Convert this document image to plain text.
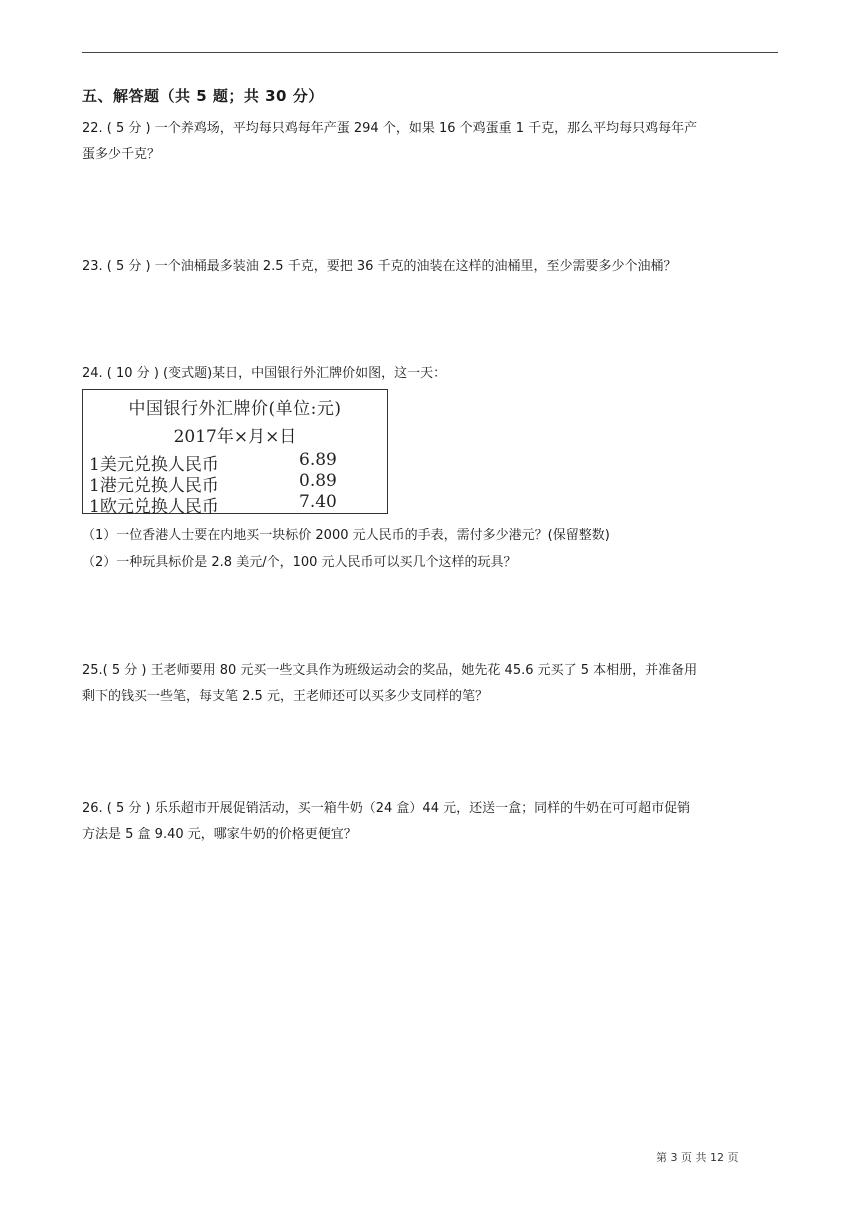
五、解答题（共 5 题；共 30 分）
22. ( 5 分 ) 一个养鸡场，平均每只鸡每年产蛋 294 个，如果 16 个鸡蛋重 1 千克，那么平均每只鸡每年产
蛋多少千克？
23. ( 5 分 ) 一个油桶最多装油 2.5 千克，要把 36 千克的油装在这样的油桶里，至少需要多少个油桶？
24. ( 10 分 ) (变式题)某日，中国银行外汇牌价如图，这一天：
中国银行外汇牌价(单位:元)
2017年×月×日
1美元兑换人民币	6.89
1港元兑换人民币	0.89
1欧元兑换人民币	7.40
（1）一位香港人士要在内地买一块标价 2000 元人民币的手表，需付多少港元？(保留整数)
（2）一种玩具标价是 2.8 美元/个，100 元人民币可以买几个这样的玩具？
25.( 5 分 ) 王老师要用 80 元买一些文具作为班级运动会的奖品，她先花 45.6 元买了 5 本相册，并准备用
剩下的钱买一些笔，每支笔 2.5 元，王老师还可以买多少支同样的笔？
26. ( 5 分 ) 乐乐超市开展促销活动，买一箱牛奶（24 盒）44 元，还送一盒；同样的牛奶在可可超市促销
方法是 5 盒 9.40 元，哪家牛奶的价格更便宜？
第 3 页 共 12 页
